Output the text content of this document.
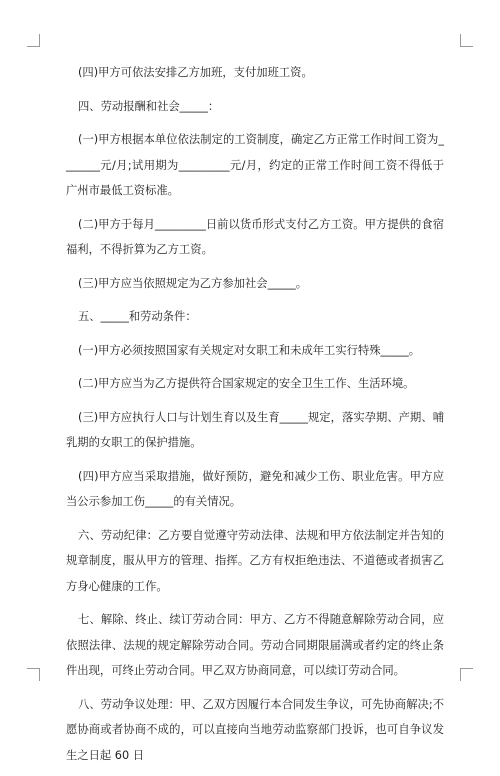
(四)甲方可依法安排乙方加班，支付加班工资。

四、劳动报酬和社会_____：

(一)甲方根据本单位依法制定的工资制度，确定乙方正常工作时间工资为_______元/月;试用期为_________元/月，约定的正常工作时间工资不得低于广州市最低工资标准。

(二)甲方于每月_________日前以货币形式支付乙方工资。甲方提供的食宿福利，不得折算为乙方工资。

(三)甲方应当依照规定为乙方参加社会_____。

五、_____和劳动条件：

(一)甲方必须按照国家有关规定对女职工和未成年工实行特殊_____。

(二)甲方应当为乙方提供符合国家规定的安全卫生工作、生活环境。

(三)甲方应执行人口与计划生育以及生育_____规定，落实孕期、产期、哺乳期的女职工的保护措施。

(四)甲方应当采取措施，做好预防，避免和减少工伤、职业危害。甲方应当公示参加工伤_____的有关情况。

六、劳动纪律：乙方要自觉遵守劳动法律、法规和甲方依法制定并告知的规章制度，服从甲方的管理、指挥。乙方有权拒绝违法、不道德或者损害乙方身心健康的工作。

七、解除、终止、续订劳动合同：甲方、乙方不得随意解除劳动合同，应依照法律、法规的规定解除劳动合同。劳动合同期限届满或者约定的终止条件出现，可终止劳动合同。甲乙双方协商同意，可以续订劳动合同。

八、劳动争议处理：甲、乙双方因履行本合同发生争议，可先协商解决;不愿协商或者协商不成的，可以直接向当地劳动监察部门投诉，也可自争议发生之日起 60 日
